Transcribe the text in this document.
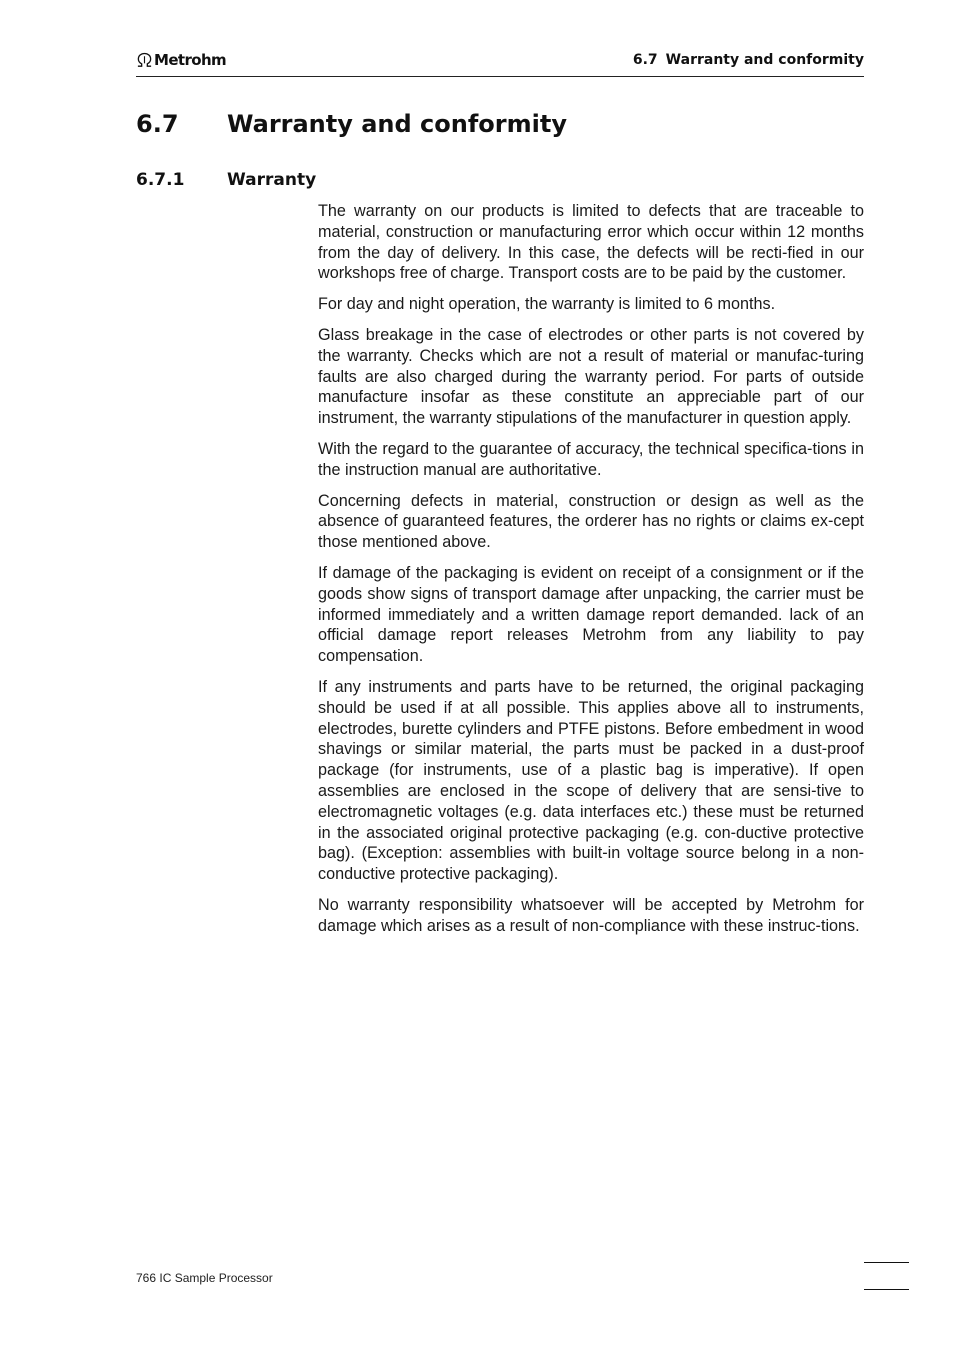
Metrohm	6.7 Warranty and conformity
6.7 Warranty and conformity
6.7.1	Warranty

The warranty on our products is limited to defects that are traceable to material, construction or manufacturing error which occur within 12 months from the day of delivery. In this case, the defects will be recti-fied in our workshops free of charge. Transport costs are to be paid by the customer.

For day and night operation, the warranty is limited to 6 months.

Glass breakage in the case of electrodes or other parts is not covered by the warranty. Checks which are not a result of material or manufac-turing faults are also charged during the warranty period. For parts of outside manufacture insofar as these constitute an appreciable part of our instrument, the warranty stipulations of the manufacturer in question apply.

With the regard to the guarantee of accuracy, the technical specifica-tions in the instruction manual are authoritative.

Concerning defects in material, construction or design as well as the absence of guaranteed features, the orderer has no rights or claims ex-cept those mentioned above.

If damage of the packaging is evident on receipt of a consignment or if the goods show signs of transport damage after unpacking, the carrier must be informed immediately and a written damage report demanded. lack of an official damage report releases Metrohm from any liability to pay compensation.

If any instruments and parts have to be returned, the original packaging should be used if at all possible. This applies above all to instruments, electrodes, burette cylinders and PTFE pistons. Before embedment in wood shavings or similar material, the parts must be packed in a dust-proof package (for instruments, use of a plastic bag is imperative). If open assemblies are enclosed in the scope of delivery that are sensi-tive to electromagnetic voltages (e.g. data interfaces etc.) these must be returned in the associated original protective packaging (e.g. con-ductive protective bag). (Exception: assemblies with built-in voltage source belong in a non-conductive protective packaging).

No warranty responsibility whatsoever will be accepted by Metrohm for damage which arises as a result of non-compliance with these instruc-tions.

766 IC Sample Processor
